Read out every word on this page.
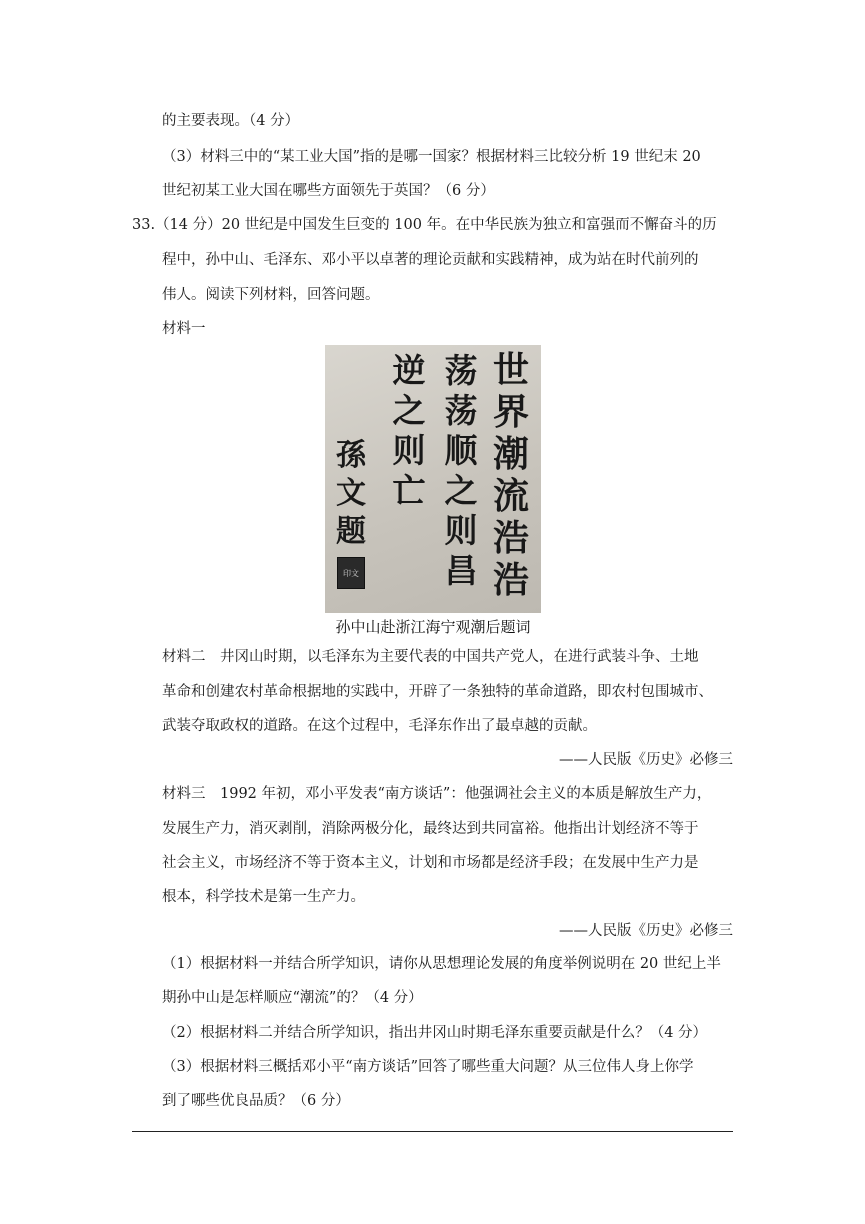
的主要表现。（4 分）
（3）材料三中的“某工业大国”指的是哪一国家？根据材料三比较分析 19 世纪末 20
世纪初某工业大国在哪些方面领先于英国？（6 分）
33.（14 分）20 世纪是中国发生巨变的 100 年。在中华民族为独立和富强而不懈奋斗的历
程中，孙中山、毛泽东、邓小平以卓著的理论贡献和实践精神，成为站在时代前列的
伟人。阅读下列材料，回答问题。
材料一
世
界
潮
流
浩
浩
荡
荡
顺
之
则
昌
逆
之
则
亡
孫
文
题
印文
孙中山赴浙江海宁观潮后题词
材料二　井冈山时期，以毛泽东为主要代表的中国共产党人，在进行武装斗争、土地
革命和创建农村革命根据地的实践中，开辟了一条独特的革命道路，即农村包围城市、
武装夺取政权的道路。在这个过程中，毛泽东作出了最卓越的贡献。
——人民版《历史》必修三
材料三　1992 年初，邓小平发表“南方谈话”：他强调社会主义的本质是解放生产力，
发展生产力，消灭剥削，消除两极分化，最终达到共同富裕。他指出计划经济不等于
社会主义，市场经济不等于资本主义，计划和市场都是经济手段；在发展中生产力是
根本，科学技术是第一生产力。
——人民版《历史》必修三
（1）根据材料一并结合所学知识，请你从思想理论发展的角度举例说明在 20 世纪上半
期孙中山是怎样顺应“潮流”的？（4 分）
（2）根据材料二并结合所学知识，指出井冈山时期毛泽东重要贡献是什么？（4 分）
（3）根据材料三概括邓小平“南方谈话”回答了哪些重大问题？从三位伟人身上你学
到了哪些优良品质？（6 分）
